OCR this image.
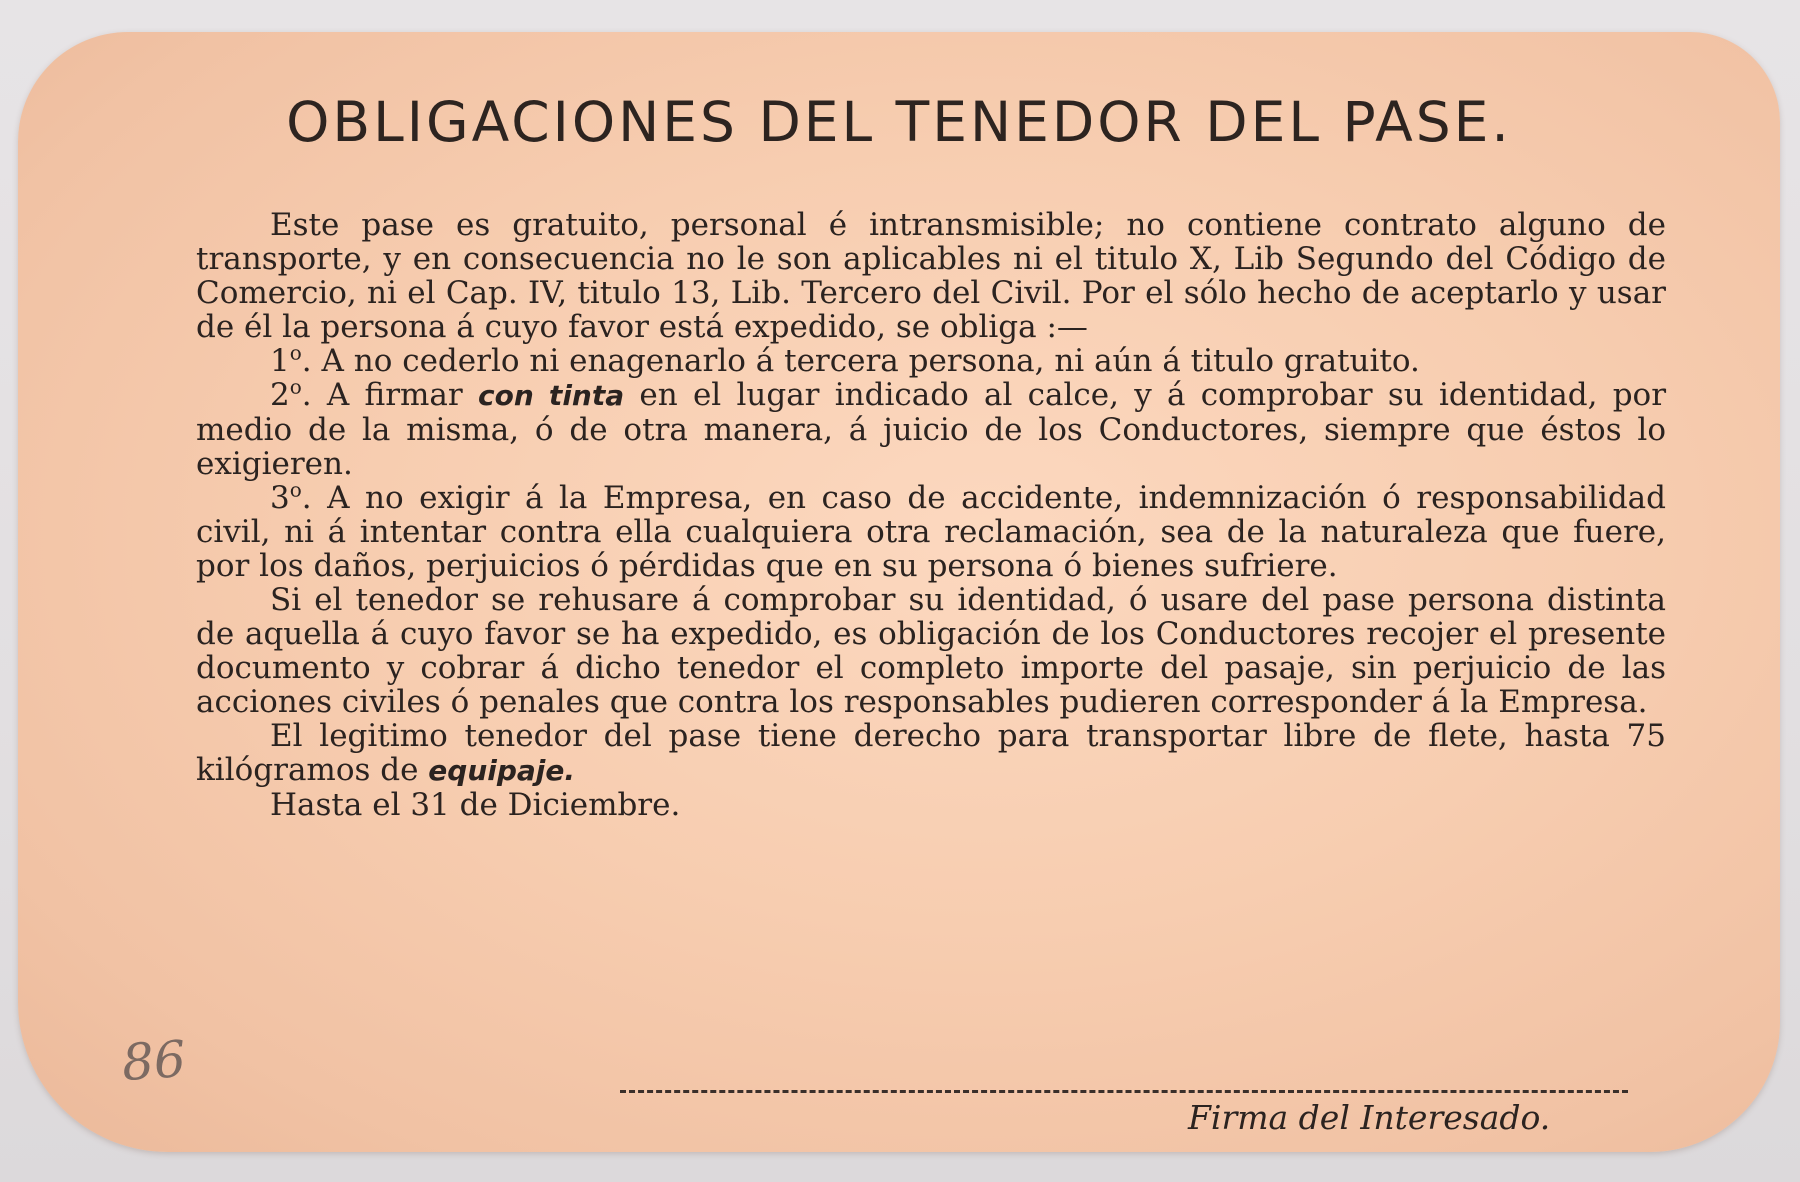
OBLIGACIONES DEL TENEDOR DEL PASE.

Este pase es gratuito, personal é intransmisible; no contiene contrato alguno de transporte, y en consecuencia no le son aplicables ni el titulo X, Lib Segundo del Código de Comercio, ni el Cap. IV, titulo 13, Lib. Tercero del Civil. Por el sólo hecho de aceptarlo y usar de él la persona á cuyo favor está expedido, se obliga :—

1$^o$. A no cederlo ni enagenarlo á tercera persona, ni aún á titulo gratuito.

2$^o$. A firmar con tinta en el lugar indicado al calce, y á comprobar su identidad, por medio de la misma, ó de otra manera, á juicio de los Conductores, siempre que éstos lo exigieren.

3$^o$. A no exigir á la Empresa, en caso de accidente, indemnización ó responsabilidad civil, ni á intentar contra ella cualquiera otra reclamación, sea de la naturaleza que fuere, por los daños, perjuicios ó pérdidas que en su persona ó bienes sufriere.

Si el tenedor se rehusare á comprobar su identidad, ó usare del pase persona distinta de aquella á cuyo favor se ha expedido, es obligación de los Conductores recojer el presente documento y cobrar á dicho tenedor el completo importe del pasaje, sin perjuicio de las acciones civiles ó penales que contra los responsables pudieren corresponder á la Empresa.

El legitimo tenedor del pase tiene derecho para transportar libre de flete, hasta 75 kilógramos de equipaje.

Hasta el 31 de Diciembre.

86
Firma del Interesado.
